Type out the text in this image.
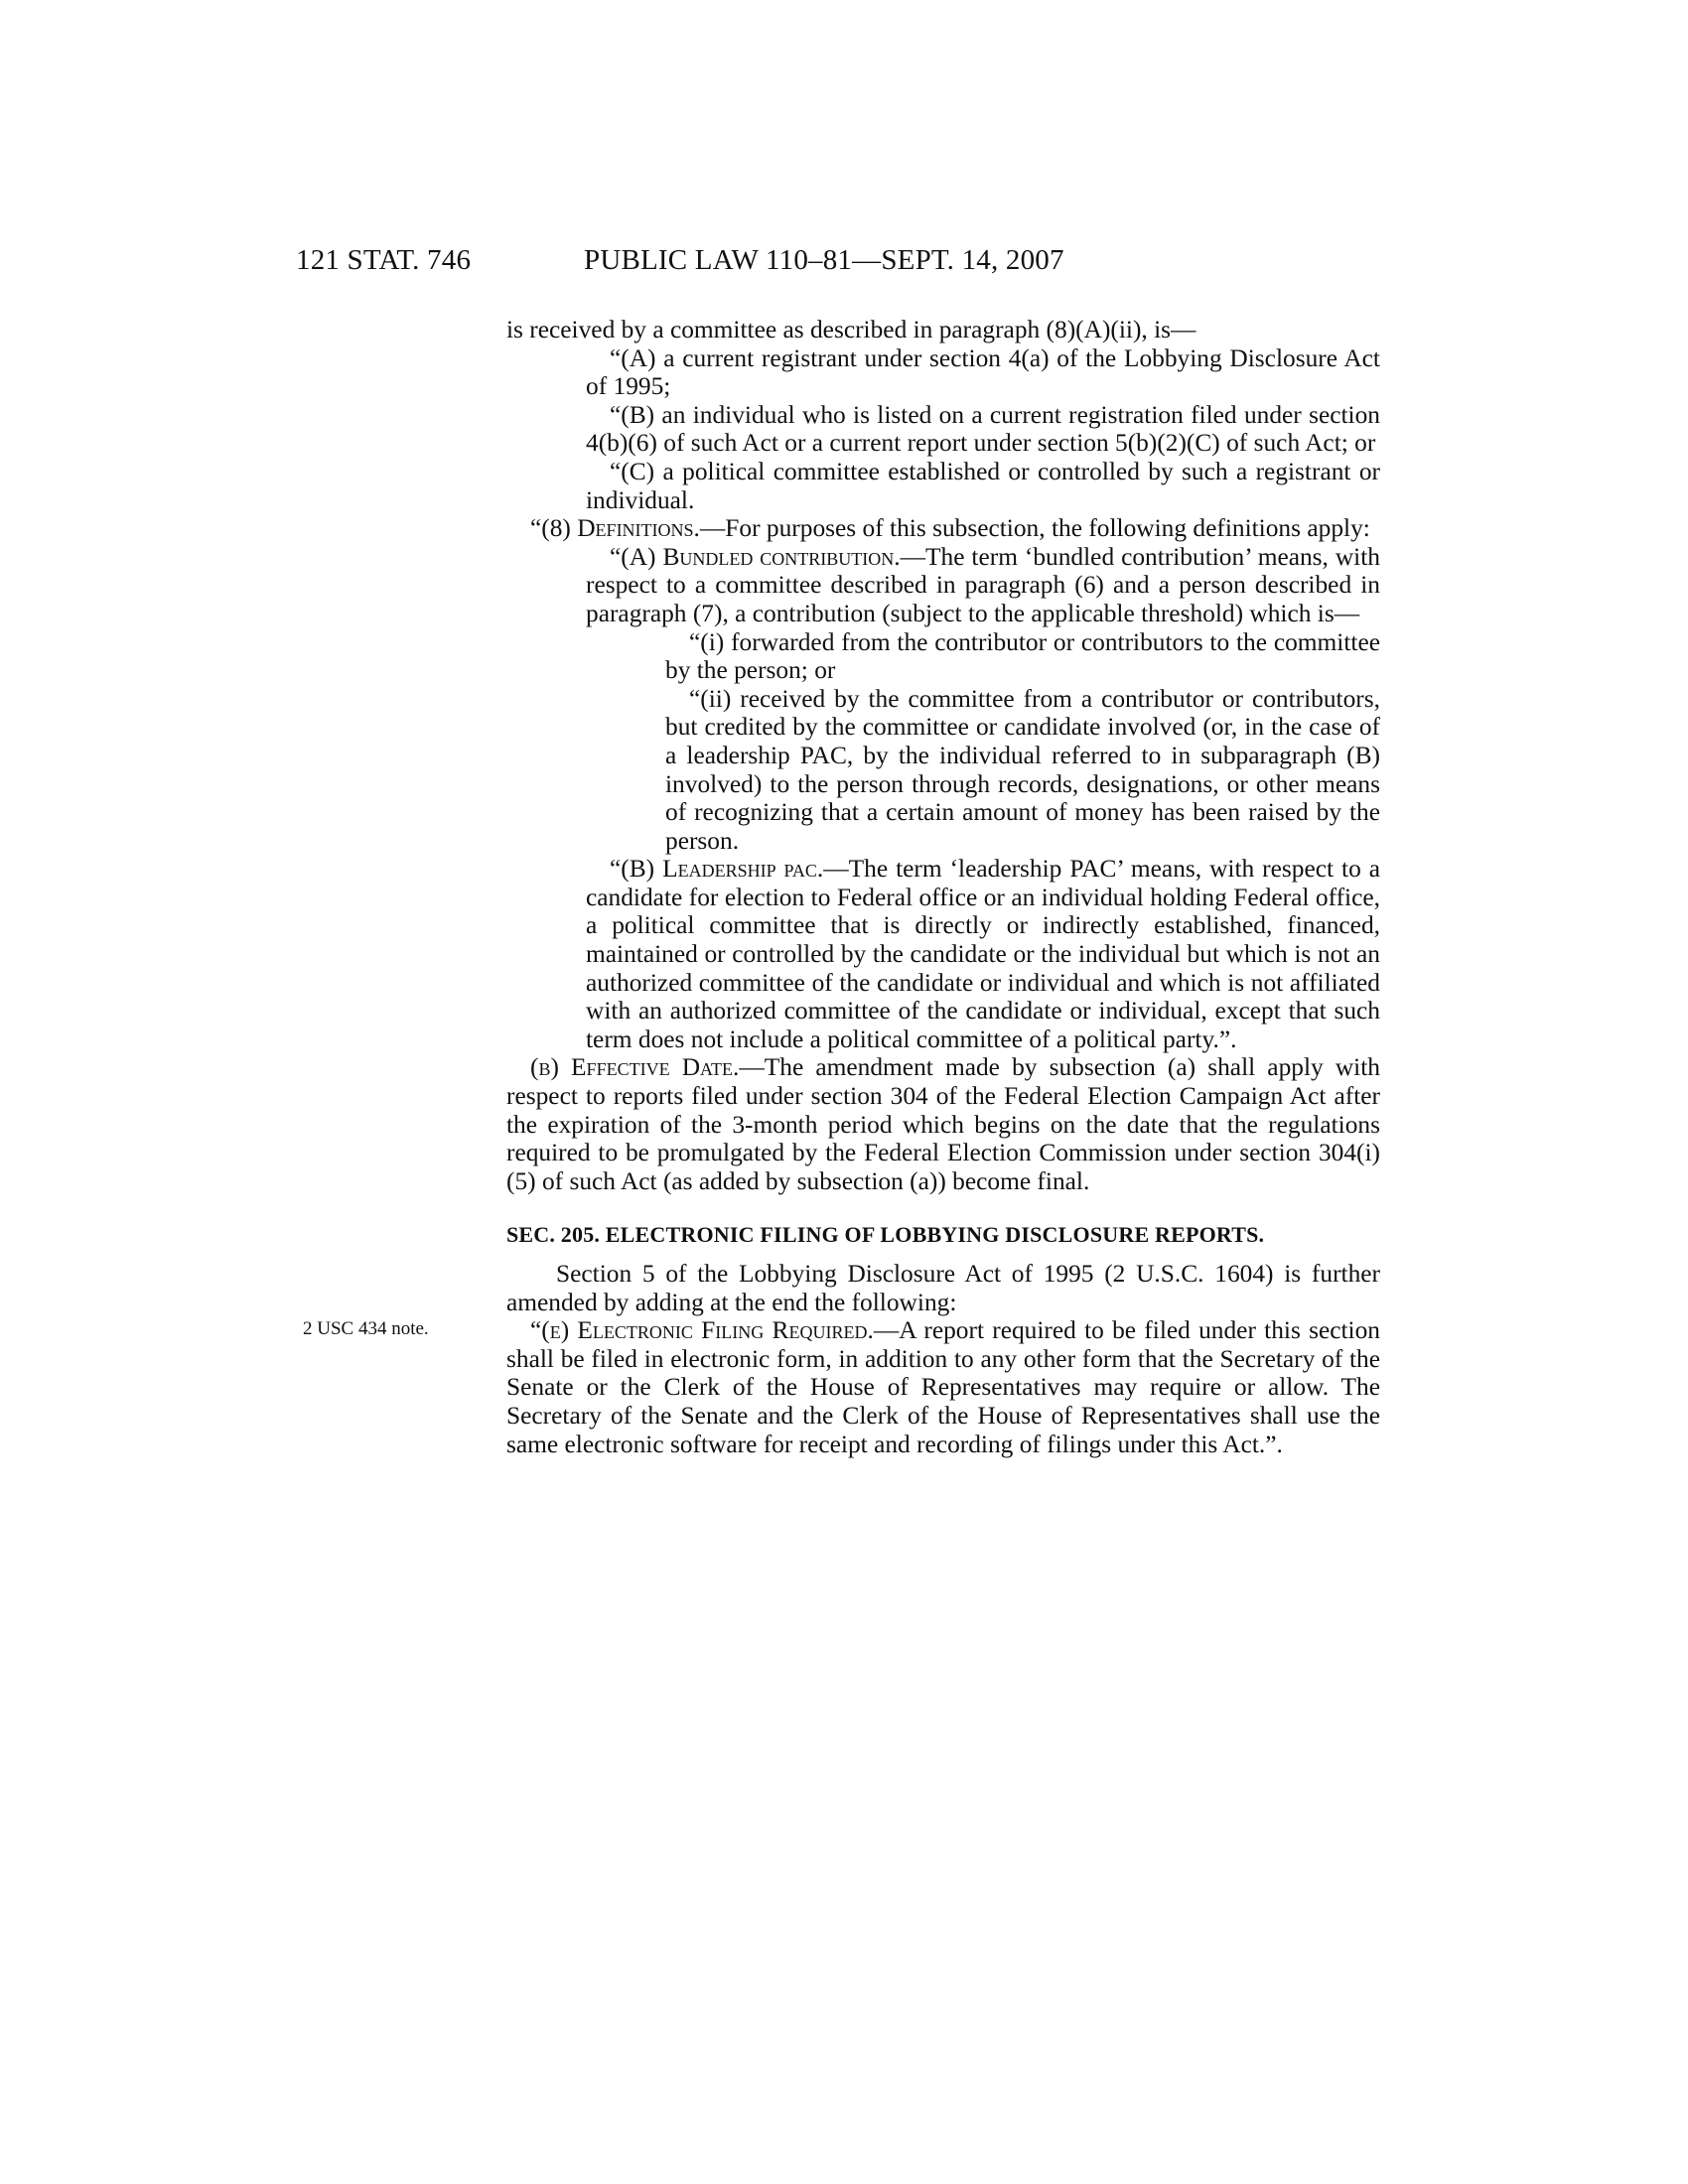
121 STAT. 746	PUBLIC LAW 110–81—SEPT. 14, 2007
2 USC 434 note.

is received by a committee as described in paragraph (8)(A)(ii), is—

“(A) a current registrant under section 4(a) of the Lobbying Disclosure Act of 1995;

“(B) an individual who is listed on a current registration filed under section 4(b)(6) of such Act or a current report under section 5(b)(2)(C) of such Act; or

“(C) a political committee established or controlled by such a registrant or individual.

“(8) Definitions.—For purposes of this subsection, the following definitions apply:

“(A) Bundled contribution.—The term ‘bundled contribution’ means, with respect to a committee described in paragraph (6) and a person described in paragraph (7), a contribution (subject to the applicable threshold) which is—

“(i) forwarded from the contributor or contributors to the committee by the person; or

“(ii) received by the committee from a contributor or contributors, but credited by the committee or candidate involved (or, in the case of a leadership PAC, by the individual referred to in subparagraph (B) involved) to the person through records, designations, or other means of recognizing that a certain amount of money has been raised by the person.

“(B) Leadership pac.—The term ‘leadership PAC’ means, with respect to a candidate for election to Federal office or an individual holding Federal office, a political committee that is directly or indirectly established, financed, maintained or controlled by the candidate or the individual but which is not an authorized committee of the candidate or individual and which is not affiliated with an authorized committee of the candidate or individual, except that such term does not include a political committee of a political party.”.

(b) Effective Date.—The amendment made by subsection (a) shall apply with respect to reports filed under section 304 of the Federal Election Campaign Act after the expiration of the 3-month period which begins on the date that the regulations required to be promulgated by the Federal Election Commission under section 304(i)(5) of such Act (as added by subsection (a)) become final.

SEC. 205. ELECTRONIC FILING OF LOBBYING DISCLOSURE REPORTS.

Section 5 of the Lobbying Disclosure Act of 1995 (2 U.S.C. 1604) is further amended by adding at the end the following:

“(e) Electronic Filing Required.—A report required to be filed under this section shall be filed in electronic form, in addition to any other form that the Secretary of the Senate or the Clerk of the House of Representatives may require or allow. The Secretary of the Senate and the Clerk of the House of Representatives shall use the same electronic software for receipt and recording of filings under this Act.”.
